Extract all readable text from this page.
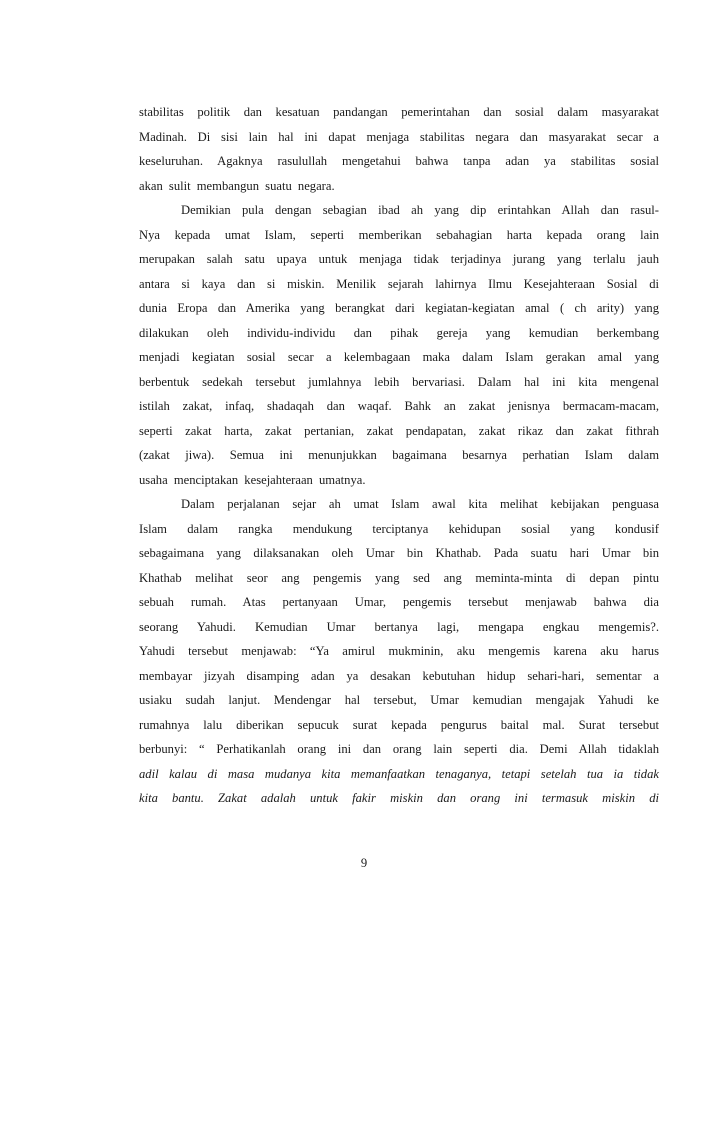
stabilitas politik dan kesatuan pandangan pemerintahan dan sosial dalam masyarakat
Madinah. Di sisi lain hal ini dapat menjaga stabilitas negara dan masyarakat secar a
keseluruhan. Agaknya rasulullah mengetahui bahwa tanpa adan ya stabilitas sosial
akan sulit membangun suatu negara.
Demikian pula dengan sebagian ibad ah yang dip erintahkan Allah dan rasul-
Nya kepada umat Islam, seperti memberikan sebahagian harta kepada orang lain
merupakan salah satu upaya untuk menjaga tidak terjadinya jurang yang terlalu jauh
antara si kaya dan si miskin. Menilik sejarah lahirnya Ilmu Kesejahteraan Sosial di
dunia Eropa dan Amerika yang berangkat dari kegiatan-kegiatan amal ( ch arity) yang
dilakukan oleh individu-individu dan pihak gereja yang kemudian berkembang
menjadi kegiatan sosial secar a kelembagaan maka dalam Islam gerakan amal yang
berbentuk sedekah tersebut jumlahnya lebih bervariasi. Dalam hal ini kita mengenal
istilah zakat, infaq, shadaqah dan waqaf. Bahk an zakat jenisnya bermacam-macam,
seperti zakat harta, zakat pertanian, zakat pendapatan, zakat rikaz dan zakat fithrah
(zakat jiwa). Semua ini menunjukkan bagaimana besarnya perhatian Islam dalam
usaha menciptakan kesejahteraan umatnya.
Dalam perjalanan sejar ah umat Islam awal kita melihat kebijakan penguasa
Islam dalam rangka mendukung terciptanya kehidupan sosial yang kondusif
sebagaimana yang dilaksanakan oleh Umar bin Khathab. Pada suatu hari Umar bin
Khathab melihat seor ang pengemis yang sed ang meminta-minta di depan pintu
sebuah rumah. Atas pertanyaan Umar, pengemis tersebut menjawab bahwa dia
seorang Yahudi. Kemudian Umar bertanya lagi, mengapa engkau mengemis?.
Yahudi tersebut menjawab: “Ya amirul mukminin, aku mengemis karena aku harus
membayar jizyah disamping adan ya desakan kebutuhan hidup sehari-hari, sementar a
usiaku sudah lanjut. Mendengar hal tersebut, Umar kemudian mengajak Yahudi ke
rumahnya lalu diberikan sepucuk surat kepada pengurus baital mal. Surat tersebut
berbunyi: “ Perhatikanlah orang ini dan orang lain seperti dia. Demi Allah tidaklah
adil kalau di masa mudanya kita memanfaatkan tenaganya, tetapi setelah tua ia tidak
kita bantu. Zakat adalah untuk fakir miskin dan orang ini termasuk miskin di
9
